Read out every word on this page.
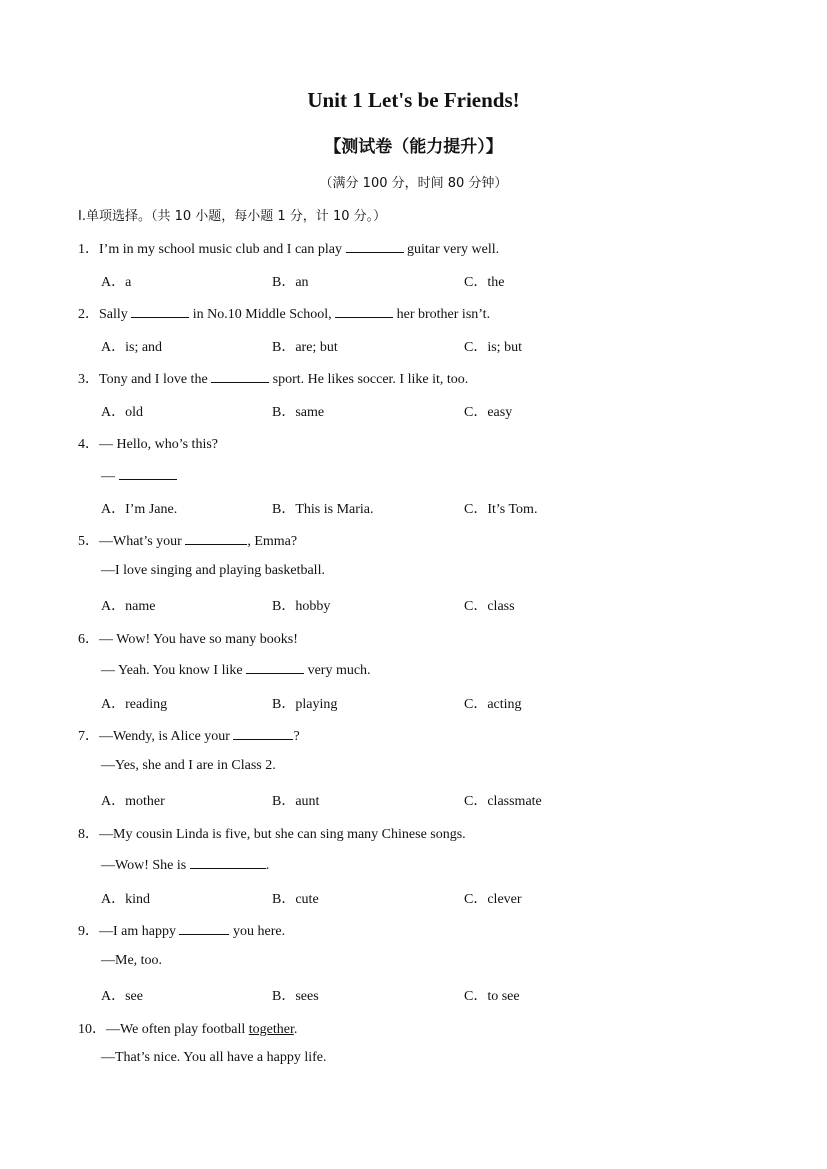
Unit 1 Let's be Friends!
【测试卷（能力提升）】
（满分 100 分，时间 80 分钟）
I.单项选择。（共 10 小题，每小题 1 分，计 10 分。）
1．I’m in my school music club and I can play	guitar very well.
A．a	B．an	C．the
2．Sally	in No.10 Middle School,	her brother isn’t.
A．is; and	B．are; but	C．is; but
3．Tony and I love the	sport. He likes soccer. I like it, too.
A．old	B．same	C．easy
4．— Hello, who’s this?
—
A．I’m Jane.	B．This is Maria.	C．It’s Tom.
5．—What’s your	, Emma?
—I love singing and playing basketball.
A．name	B．hobby	C．class
6．— Wow! You have so many books!
— Yeah. You know I like	very much.
A．reading	B．playing	C．acting
7．—Wendy, is Alice your	?
—Yes, she and I are in Class 2.
A．mother	B．aunt	C．classmate
8．—My cousin Linda is five, but she can sing many Chinese songs.
—Wow! She is	.
A．kind	B．cute	C．clever
9．—I am happy	you here.
—Me, too.
A．see	B．sees	C．to see
10．—We often play football together.
—That’s nice. You all have a happy life.
